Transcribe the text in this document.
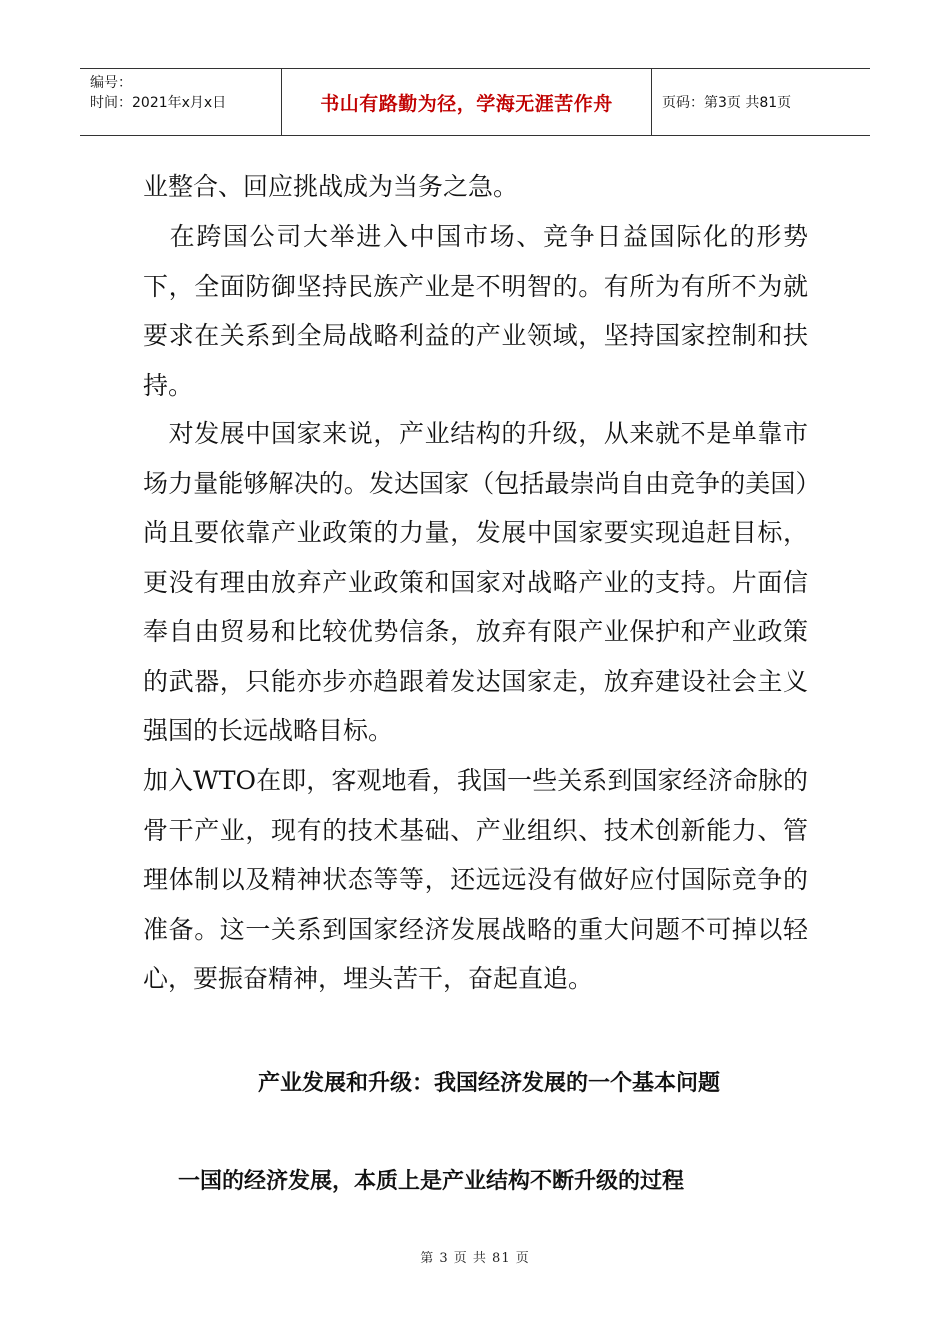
编号：
时间：2021年x月x日	书山有路勤为径，学海无涯苦作舟	页码：第3页 共81页

业整合、回应挑战成为当务之急。

　在跨国公司大举进入中国市场、竞争日益国际化的形势下，全面防御坚持民族产业是不明智的。有所为有所不为就要求在关系到全局战略利益的产业领域，坚持国家控制和扶持。

　对发展中国家来说，产业结构的升级，从来就不是单靠市场力量能够解决的。发达国家（包括最崇尚自由竞争的美国）尚且要依靠产业政策的力量，发展中国家要实现追赶目标，更没有理由放弃产业政策和国家对战略产业的支持。片面信奉自由贸易和比较优势信条，放弃有限产业保护和产业政策的武器，只能亦步亦趋跟着发达国家走，放弃建设社会主义强国的长远战略目标。

加入WTO在即，客观地看，我国一些关系到国家经济命脉的骨干产业，现有的技术基础、产业组织、技术创新能力、管理体制以及精神状态等等，还远远没有做好应付国际竞争的准备。这一关系到国家经济发展战略的重大问题不可掉以轻心，要振奋精神，埋头苦干，奋起直追。

产业发展和升级：我国经济发展的一个基本问题
一国的经济发展，本质上是产业结构不断升级的过程
第 3 页 共 81 页
